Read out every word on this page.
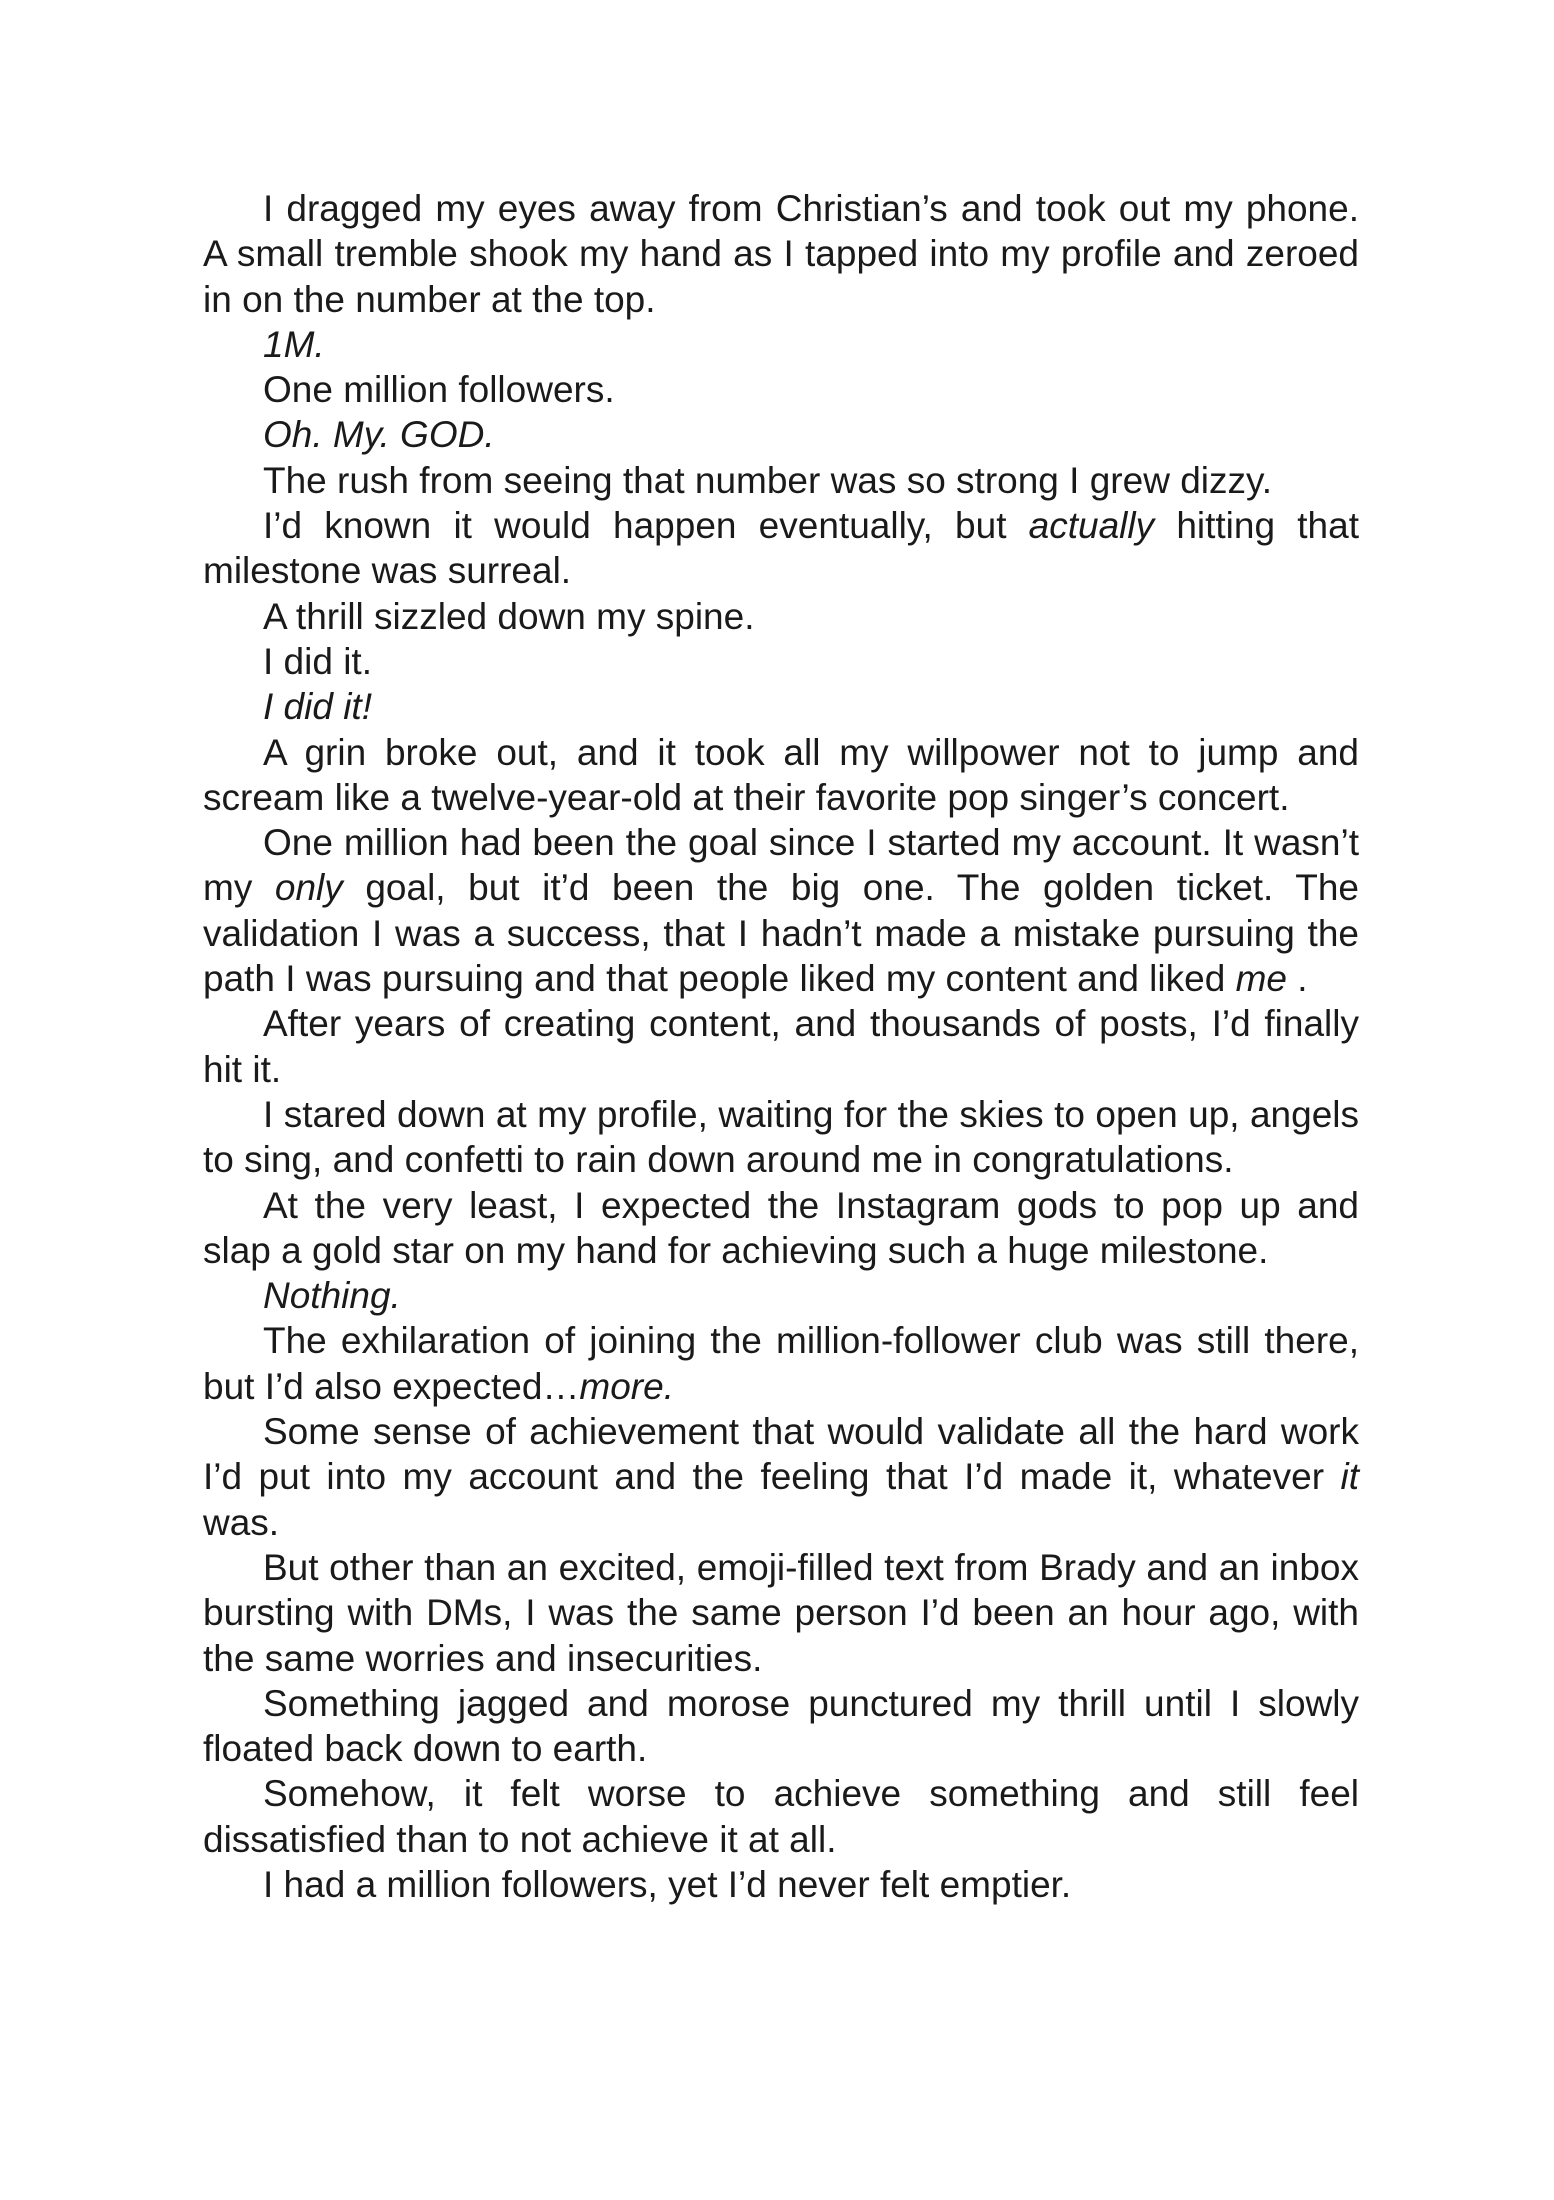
I dragged my eyes away from Christian’s and took out my phone. A small tremble shook my hand as I tapped into my profile and zeroed in on the number at the top.

1M.

One million followers.

Oh. My. GOD.

The rush from seeing that number was so strong I grew dizzy.

I’d known it would happen eventually, but actually hitting that milestone was surreal.

A thrill sizzled down my spine.

I did it.

I did it!

A grin broke out, and it took all my willpower not to jump and scream like a twelve-year-old at their favorite pop singer’s concert.

One million had been the goal since I started my account. It wasn’t my only goal, but it’d been the big one. The golden ticket. The validation I was a success, that I hadn’t made a mistake pursuing the path I was pursuing and that people liked my content and liked me .

After years of creating content, and thousands of posts, I’d finally hit it.

I stared down at my profile, waiting for the skies to open up, angels to sing, and confetti to rain down around me in congratulations.

At the very least, I expected the Instagram gods to pop up and slap a gold star on my hand for achieving such a huge milestone.

Nothing.

The exhilaration of joining the million-follower club was still there, but I’d also expected…more.

Some sense of achievement that would validate all the hard work I’d put into my account and the feeling that I’d made it, whatever it was.

But other than an excited, emoji-filled text from Brady and an inbox bursting with DMs, I was the same person I’d been an hour ago, with the same worries and insecurities.

Something jagged and morose punctured my thrill until I slowly floated back down to earth.

Somehow, it felt worse to achieve something and still feel dissatisfied than to not achieve it at all.

I had a million followers, yet I’d never felt emptier.
